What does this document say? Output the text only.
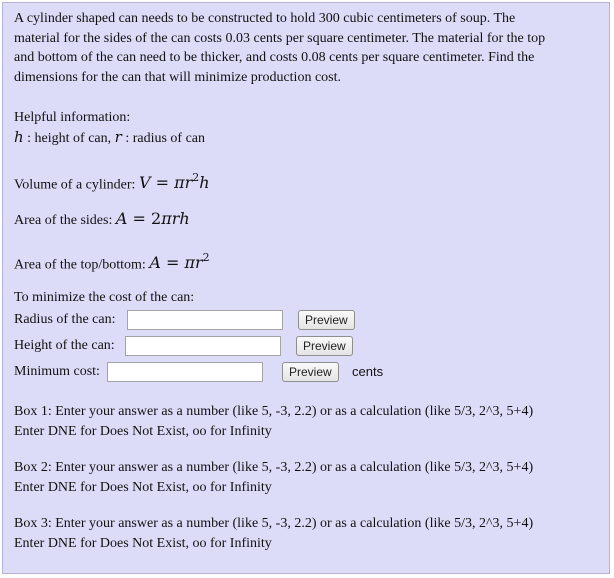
A cylinder shaped can needs to be constructed to hold 300 cubic centimeters of soup. The
material for the sides of the can costs 0.03 cents per square centimeter. The material for the top
and bottom of the can need to be thicker, and costs 0.08 cents per square centimeter. Find the
dimensions for the can that will minimize production cost.
Helpful information:
h : height of can, r : radius of can
Volume of a cylinder: $V = \pi r^2h$
Area of the sides: A = 2πrh
Area of the top/bottom: $A = \pi r^2$
To minimize the cost of the can:
Radius of the can:	Preview
Height of the can:	Preview
Minimum cost:	Preview	cents
Box 1: Enter your answer as a number (like 5, -3, 2.2) or as a calculation (like 5/3, 2^3, 5+4)
Enter DNE for Does Not Exist, oo for Infinity
Box 2: Enter your answer as a number (like 5, -3, 2.2) or as a calculation (like 5/3, 2^3, 5+4)
Enter DNE for Does Not Exist, oo for Infinity
Box 3: Enter your answer as a number (like 5, -3, 2.2) or as a calculation (like 5/3, 2^3, 5+4)
Enter DNE for Does Not Exist, oo for Infinity
